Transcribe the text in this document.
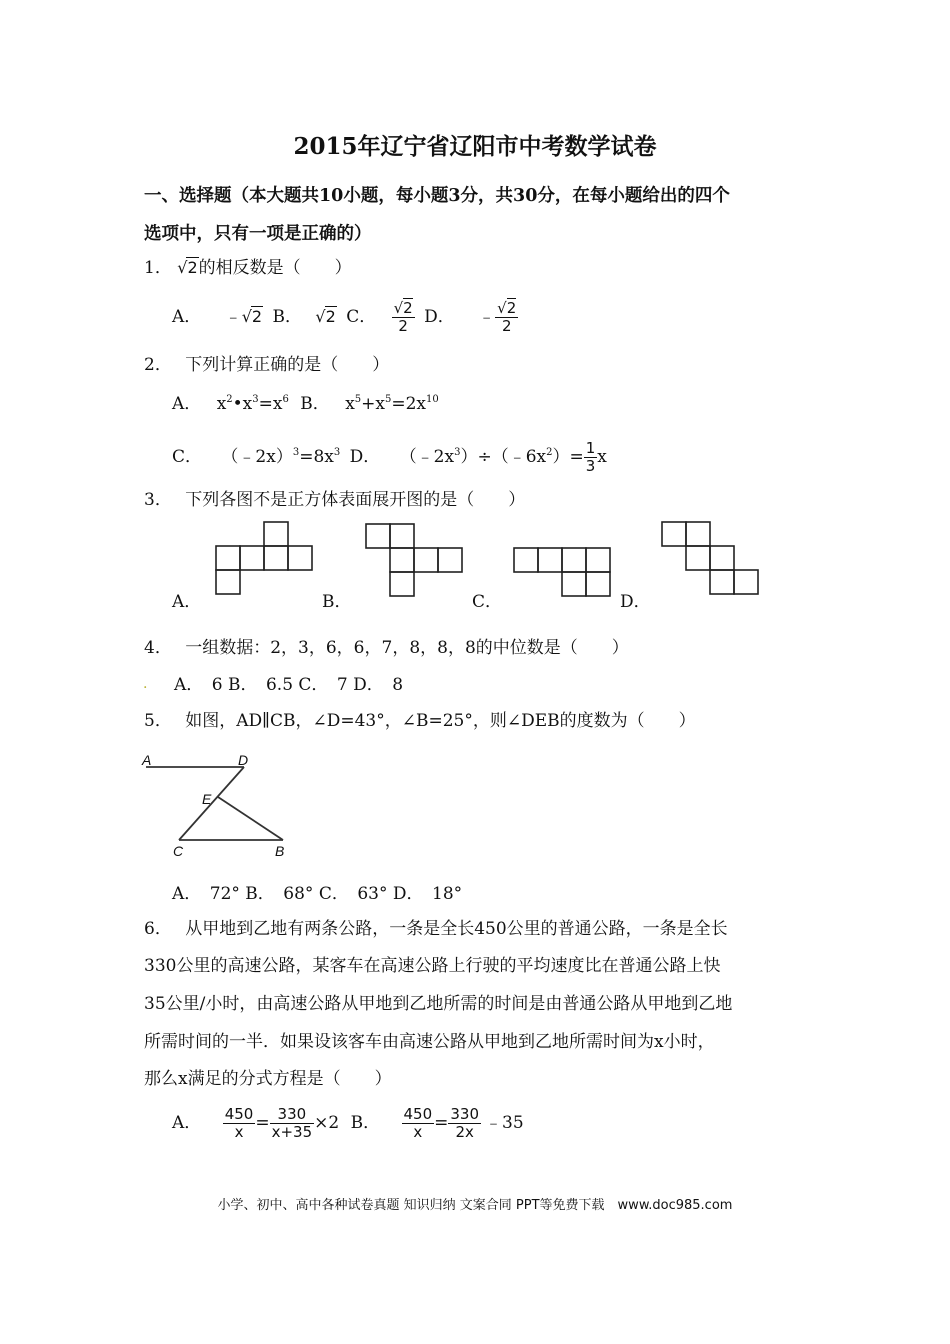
2015年辽宁省辽阳市中考数学试卷
一、选择题（本大题共10小题，每小题3分，共30分，在每小题给出的四个
选项中，只有一项是正确的）
1． √2的相反数是（　　）
A． ﹣√2 B． √2 C． $\frac{√2}{2}$ D． ﹣ $\frac{√2}{2}$
2． 下列计算正确的是（　　）
A． $x^2•x^3=x^6$ B． $x^5+x^5=2x^{10}$
C． $(﹣2x)^3=8x^3$ D． $(﹣2x^3)\div(﹣6x^2)= \frac{1}{3}$ x
3． 下列各图不是正方体表面展开图的是（　　）
A．	B．	C．	D．
4． 一组数据：2，3，6，6，7，8，8，8的中位数是（　　）
. A．　6 B．　6.5 C．　7 D．　8
5． 如图，AD∥CB，∠D=43°，∠B=25°，则∠DEB的度数为（　　）
A	D
E
C	B
A．　72° B．　68° C．　63° D．　18°
6． 从甲地到乙地有两条公路，一条是全长450公里的普通公路，一条是全长
330公里的高速公路，某客车在高速公路上行驶的平均速度比在普通公路上快
35公里/小时，由高速公路从甲地到乙地所需的时间是由普通公路从甲地到乙地
所需时间的一半．如果设该客车由高速公路从甲地到乙地所需时间为x小时，
那么x满足的分式方程是（　　）
A． $\frac{450}{x} = \frac{330}{x+35} \times 2$ B． $\frac{450}{x} = \frac{330}{2x}$ ﹣35
小学、初中、高中各种试卷真题 知识归纳 文案合同 PPT等免费下载　www.doc985.com
